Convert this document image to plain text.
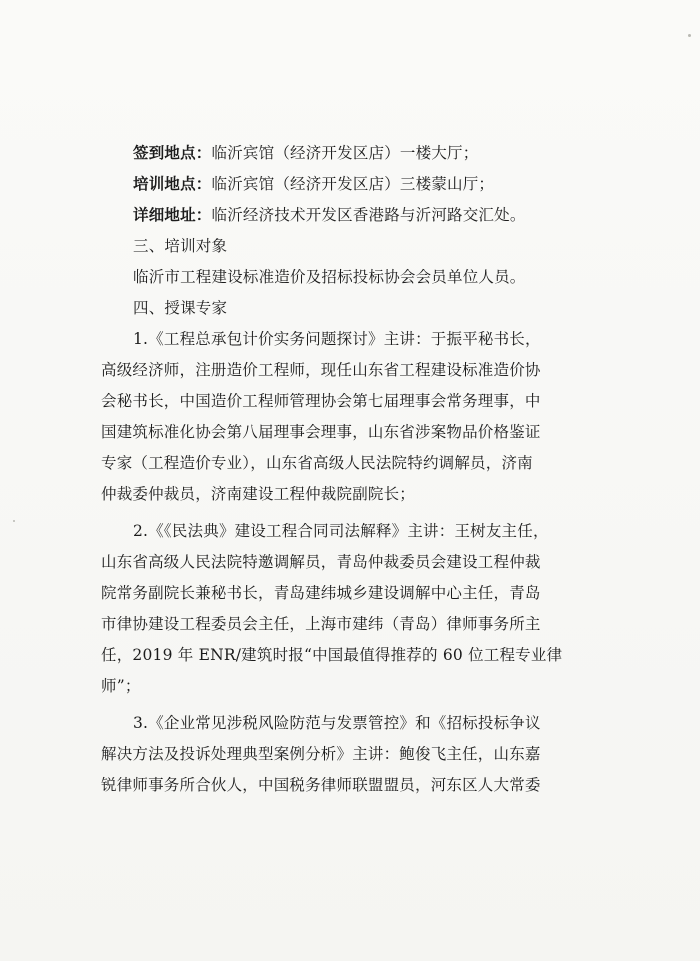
签到地点：临沂宾馆（经济开发区店）一楼大厅；
培训地点：临沂宾馆（经济开发区店）三楼蒙山厅；
详细地址：临沂经济技术开发区香港路与沂河路交汇处。
三、培训对象
临沂市工程建设标准造价及招标投标协会会员单位人员。
四、授课专家
1.《工程总承包计价实务问题探讨》主讲：于振平秘书长，
高级经济师，注册造价工程师，现任山东省工程建设标准造价协
会秘书长，中国造价工程师管理协会第七届理事会常务理事，中
国建筑标准化协会第八届理事会理事，山东省涉案物品价格鉴证
专家（工程造价专业），山东省高级人民法院特约调解员，济南
仲裁委仲裁员，济南建设工程仲裁院副院长；
2.《《民法典》建设工程合同司法解释》主讲：王树友主任，
山东省高级人民法院特邀调解员，青岛仲裁委员会建设工程仲裁
院常务副院长兼秘书长，青岛建纬城乡建设调解中心主任，青岛
市律协建设工程委员会主任，上海市建纬（青岛）律师事务所主
任，2019 年 ENR/建筑时报“中国最值得推荐的 60 位工程专业律
师”；
3.《企业常见涉税风险防范与发票管控》和《招标投标争议
解决方法及投诉处理典型案例分析》主讲：鲍俊飞主任，山东嘉
锐律师事务所合伙人，中国税务律师联盟盟员，河东区人大常委
